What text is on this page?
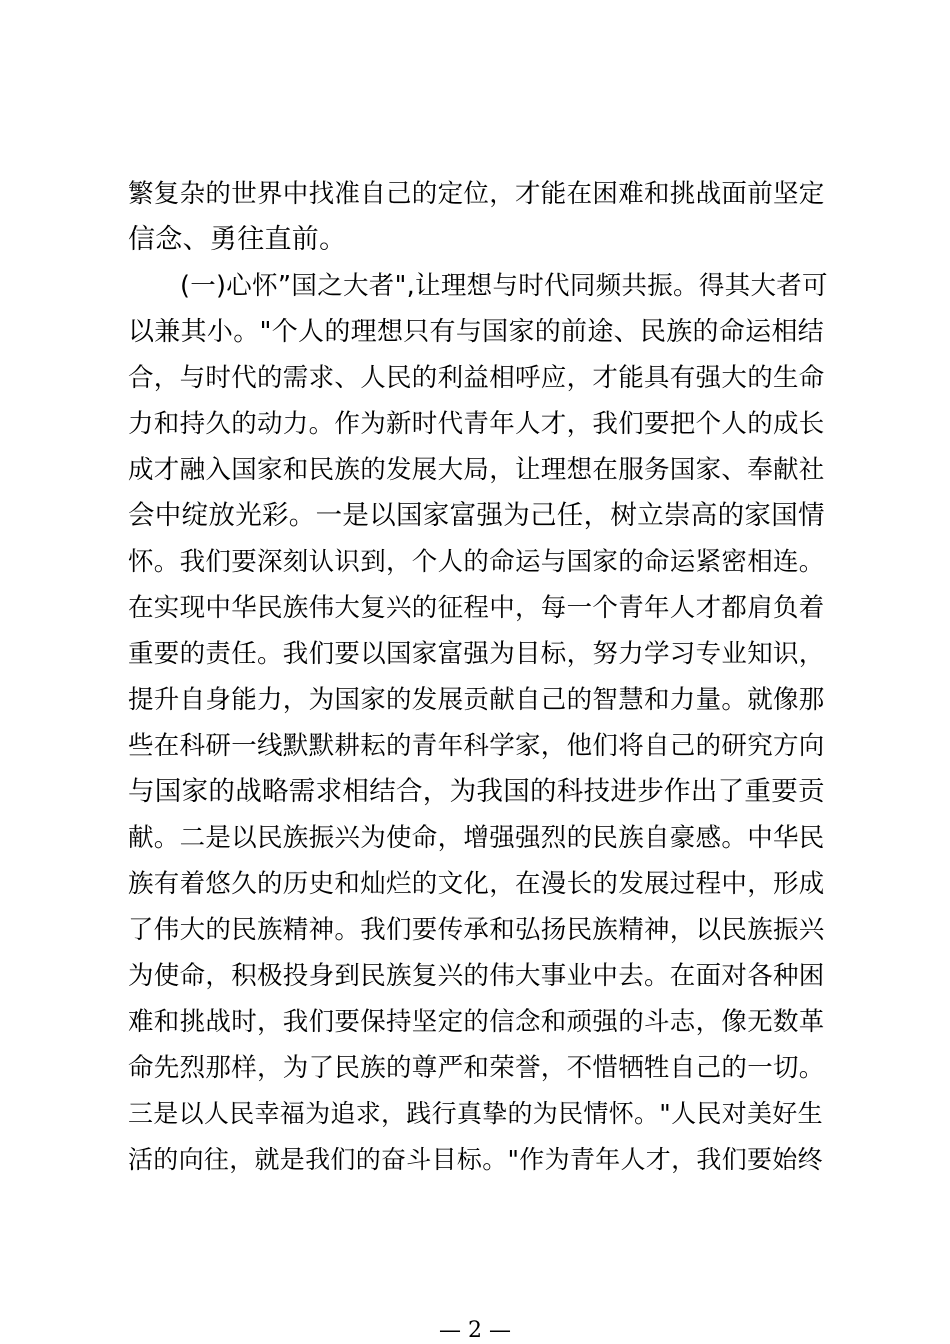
繁复杂的世界中找准自己的定位，才能在困难和挑战面前坚定
信念、勇往直前。
(一)心怀”国之大者",让理想与时代同频共振。得其大者可
以兼其小。"个人的理想只有与国家的前途、民族的命运相结
合，与时代的需求、人民的利益相呼应，才能具有强大的生命
力和持久的动力。作为新时代青年人才，我们要把个人的成长
成才融入国家和民族的发展大局，让理想在服务国家、奉献社
会中绽放光彩。一是以国家富强为己任，树立崇高的家国情
怀。我们要深刻认识到，个人的命运与国家的命运紧密相连。
在实现中华民族伟大复兴的征程中，每一个青年人才都肩负着
重要的责任。我们要以国家富强为目标，努力学习专业知识，
提升自身能力，为国家的发展贡献自己的智慧和力量。就像那
些在科研一线默默耕耘的青年科学家，他们将自己的研究方向
与国家的战略需求相结合，为我国的科技进步作出了重要贡
献。二是以民族振兴为使命，增强强烈的民族自豪感。中华民
族有着悠久的历史和灿烂的文化，在漫长的发展过程中，形成
了伟大的民族精神。我们要传承和弘扬民族精神，以民族振兴
为使命，积极投身到民族复兴的伟大事业中去。在面对各种困
难和挑战时，我们要保持坚定的信念和顽强的斗志，像无数革
命先烈那样，为了民族的尊严和荣誉，不惜牺牲自己的一切。
三是以人民幸福为追求，践行真挚的为民情怀。"人民对美好生
活的向往，就是我们的奋斗目标。"作为青年人才，我们要始终
— 2 —
